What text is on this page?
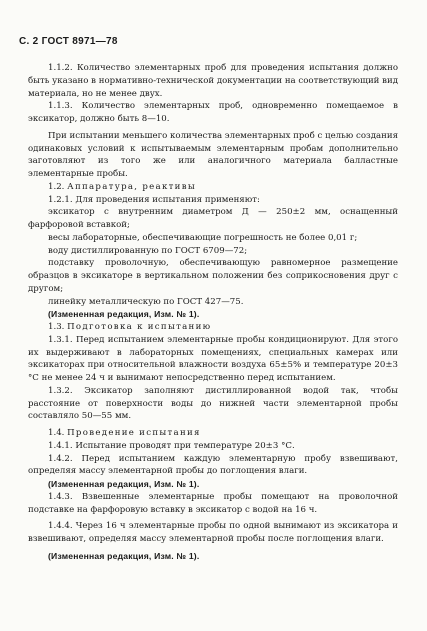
С. 2 ГОСТ 8971—78

1.1.2. Количество элементарных проб для проведения испытания должно быть указано в нормативно-технической документации на соответствующий вид материала, но не менее двух.

1.1.3. Количество элементарных проб, одновременно помещаемое в эксикатор, должно быть 8—10.

При испытании меньшего количества элементарных проб с целью создания одинаковых условий к испытываемым элементарным пробам дополнительно заготовляют из того же или аналогичного материала балластные элементарные пробы.

1.2. Аппаратура, реактивы

1.2.1. Для проведения испытания применяют:

эксикатор с внутренним диаметром Д — 250±2 мм, оснащенный фарфоровой вставкой;

весы лабораторные, обеспечивающие погрешность не более 0,01 г;

воду дистиллированную по ГОСТ 6709—72;

подставку проволочную, обеспечивающую равномерное размещение образцов в эксикаторе в вертикальном положении без соприкосновения друг с другом;

линейку металлическую по ГОСТ 427—75.

(Измененная редакция, Изм. № 1).

1.3. Подготовка к испытанию

1.3.1. Перед испытанием элементарные пробы кондиционируют. Для этого их выдерживают в лабораторных помещениях, специальных камерах или эксикаторах при относительной влажности воздуха 65±5% и температуре 20±3 °С не менее 24 ч и вынимают непосредственно перед испытанием.

1.3.2. Эксикатор заполняют дистиллированной водой так, чтобы расстояние от поверхности воды до нижней части элементарной пробы составляло 50—55 мм.

1.4. Проведение испытания

1.4.1. Испытание проводят при температуре 20±3 °С.

1.4.2. Перед испытанием каждую элементарную пробу взвешивают, определяя массу элементарной пробы до поглощения влаги.

(Измененная редакция, Изм. № 1).

1.4.3. Взвешенные элементарные пробы помещают на проволочной подставке на фарфоровую вставку в эксикатор с водой на 16 ч.

1.4.4. Через 16 ч элементарные пробы по одной вынимают из эксикатора и взвешивают, определяя массу элементарной пробы после поглощения влаги.

(Измененная редакция, Изм. № 1).
